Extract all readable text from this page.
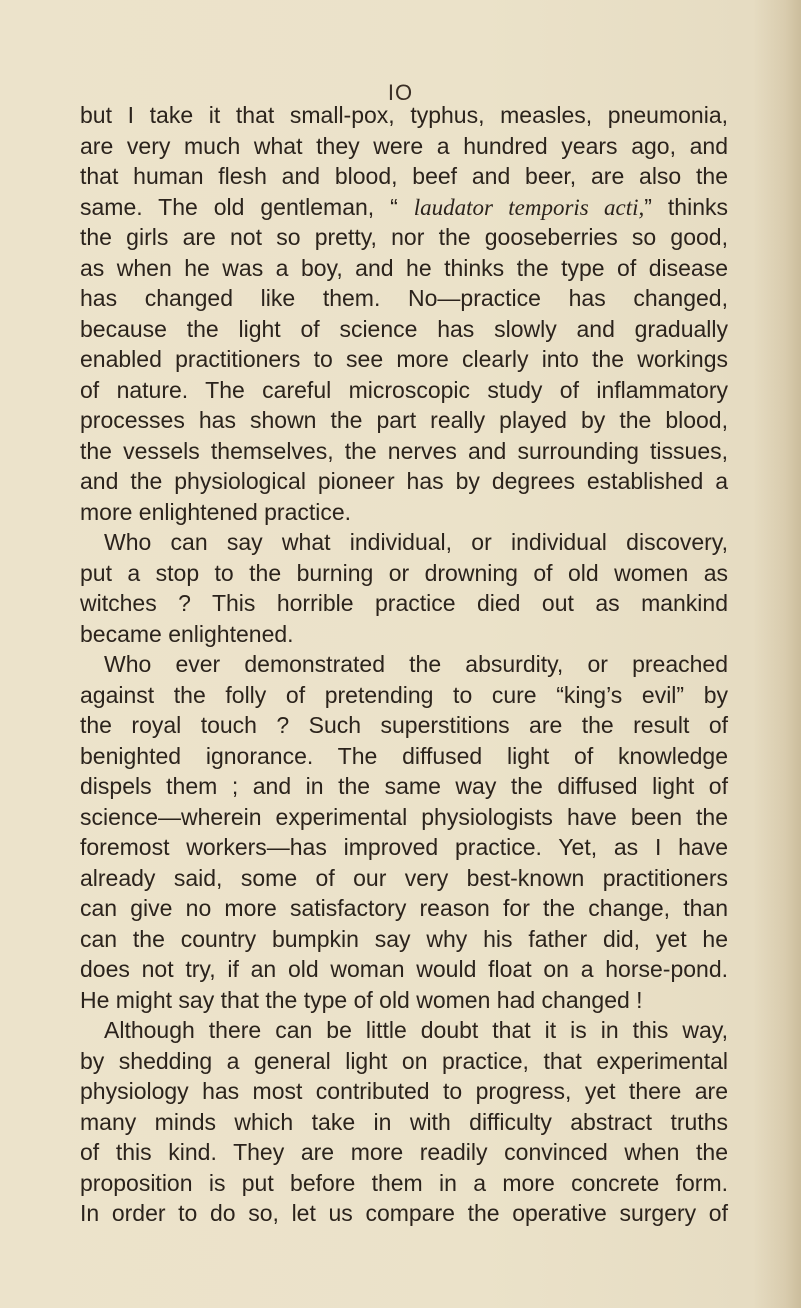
IO
but I take it that small-pox, typhus, measles, pneumonia,
are very much what they were a hundred years ago, and
that human flesh and blood, beef and beer, are also the
same. The old gentleman, “ laudator temporis acti,” thinks
the girls are not so pretty, nor the gooseberries so good,
as when he was a boy, and he thinks the type of disease
has changed like them. No—practice has changed,
because the light of science has slowly and gradually
enabled practitioners to see more clearly into the workings
of nature. The careful microscopic study of inflammatory
processes has shown the part really played by the blood,
the vessels themselves, the nerves and surrounding tissues,
and the physiological pioneer has by degrees established a
more enlightened practice.
Who can say what individual, or individual discovery,
put a stop to the burning or drowning of old women as
witches ? This horrible practice died out as mankind
became enlightened.
Who ever demonstrated the absurdity, or preached
against the folly of pretending to cure “king’s evil” by
the royal touch ? Such superstitions are the result of
benighted ignorance. The diffused light of knowledge
dispels them ; and in the same way the diffused light of
science—wherein experimental physiologists have been the
foremost workers—has improved practice. Yet, as I have
already said, some of our very best-known practitioners
can give no more satisfactory reason for the change, than
can the country bumpkin say why his father did, yet he
does not try, if an old woman would float on a horse-pond.
He might say that the type of old women had changed !
Although there can be little doubt that it is in this way,
by shedding a general light on practice, that experimental
physiology has most contributed to progress, yet there are
many minds which take in with difficulty abstract truths
of this kind. They are more readily convinced when the
proposition is put before them in a more concrete form.
In order to do so, let us compare the operative surgery of
